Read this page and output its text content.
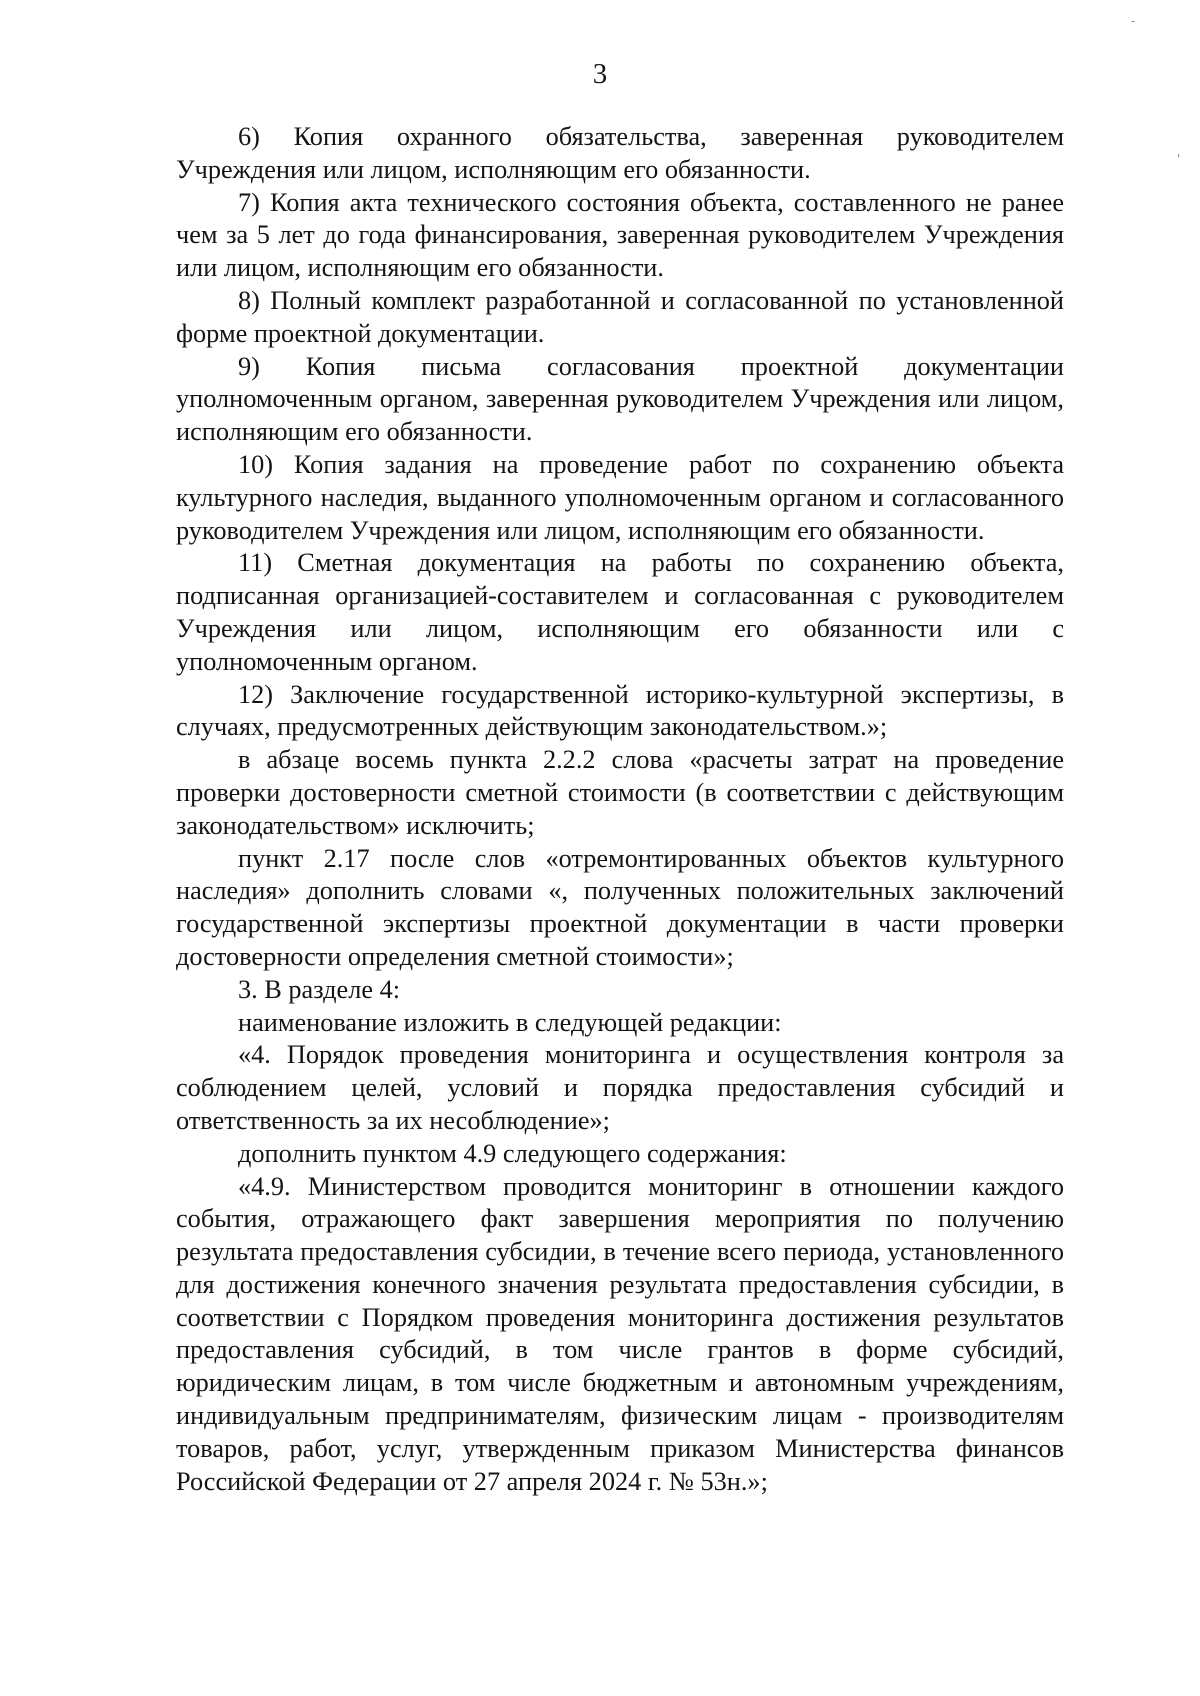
-
'
3

6) Копия охранного обязательства, заверенная руководителем Учреждения или лицом, исполняющим его обязанности.

7) Копия акта технического состояния объекта, составленного не ранее чем за 5 лет до года финансирования, заверенная руководителем Учреждения или лицом, исполняющим его обязанности.

8) Полный комплект разработанной и согласованной по установленной форме проектной документации.

9) Копия письма согласования проектной документации уполномоченным органом, заверенная руководителем Учреждения или лицом, исполняющим его обязанности.

10) Копия задания на проведение работ по сохранению объекта культурного наследия, выданного уполномоченным органом и согласованного руководителем Учреждения или лицом, исполняющим его обязанности.

11) Сметная документация на работы по сохранению объекта, подписанная организацией-составителем и согласованная с руководителем Учреждения или лицом, исполняющим его обязанности или с уполномоченным органом.

12) Заключение государственной историко-культурной экспертизы, в случаях, предусмотренных действующим законодательством.»;

в абзаце восемь пункта 2.2.2 слова «расчеты затрат на проведение проверки достоверности сметной стоимости (в соответствии с действующим законодательством» исключить;

пункт 2.17 после слов «отремонтированных объектов культурного наследия» дополнить словами «, полученных положительных заключений государственной экспертизы проектной документации в части проверки достоверности определения сметной стоимости»;

3. В разделе 4:

наименование изложить в следующей редакции:

«4. Порядок проведения мониторинга и осуществления контроля за соблюдением целей, условий и порядка предоставления субсидий и ответственность за их несоблюдение»;

дополнить пунктом 4.9 следующего содержания:

«4.9. Министерством проводится мониторинг в отношении каждого события, отражающего факт завершения мероприятия по получению результата предоставления субсидии, в течение всего периода, установленного для достижения конечного значения результата предоставления субсидии, в соответствии с Порядком проведения мониторинга достижения результатов предоставления субсидий, в том числе грантов в форме субсидий, юридическим лицам, в том числе бюджетным и автономным учреждениям, индивидуальным предпринимателям, физическим лицам - производителям товаров, работ, услуг, утвержденным приказом Министерства финансов Российской Федерации от 27 апреля 2024 г. № 53н.»;
